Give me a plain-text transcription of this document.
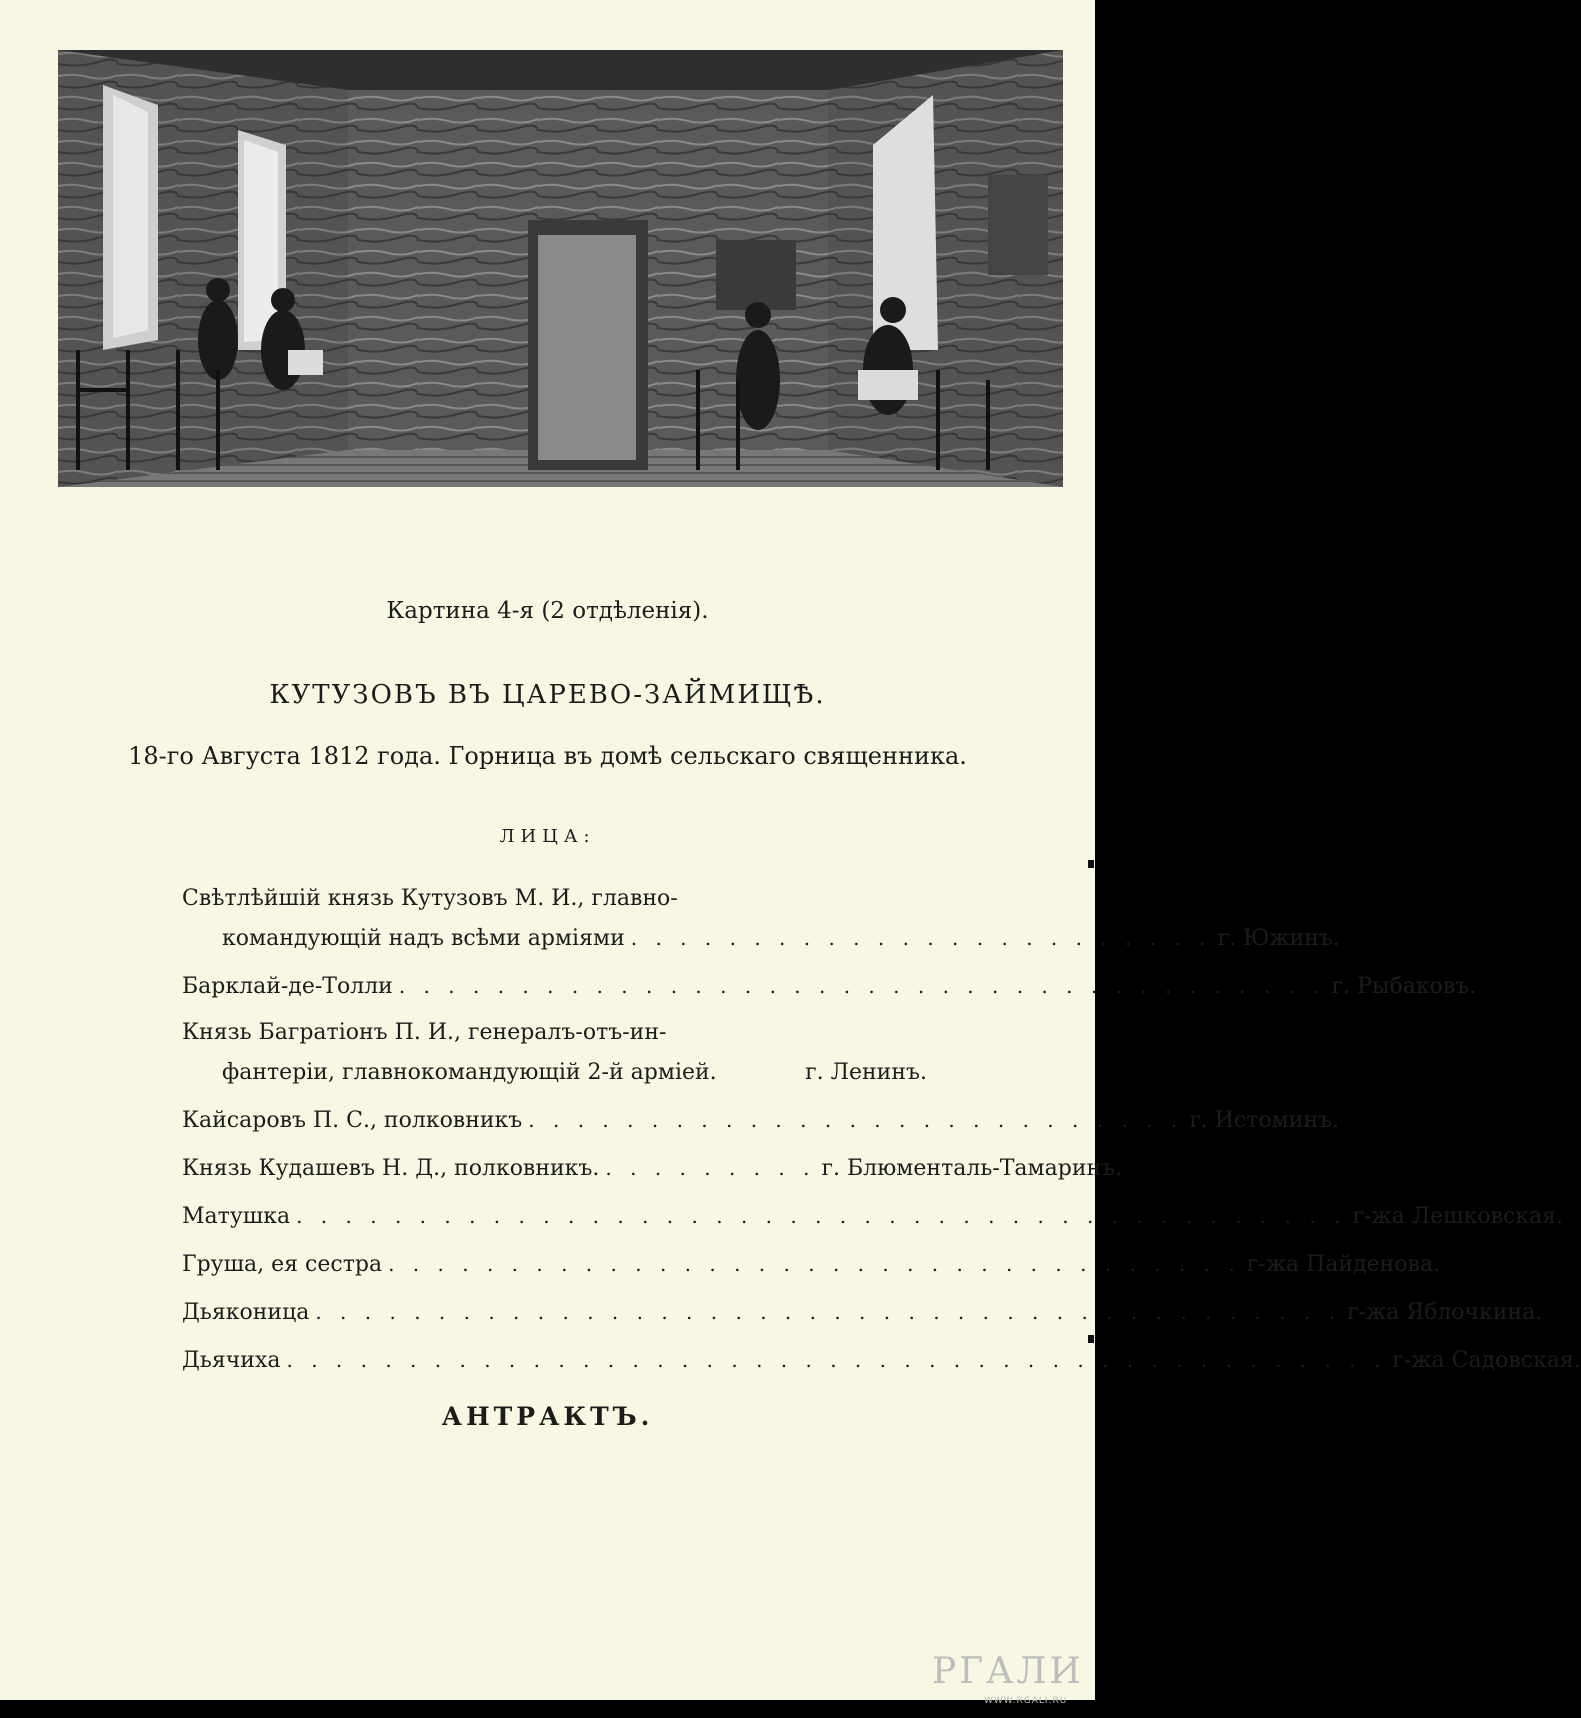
Картина 4-я (2 отдѣленія).

КУТУЗОВЪ ВЪ ЦАРЕВО-ЗАЙМИЩѢ.

18-го Августа 1812 года. Горница въ домѣ сельскаго священника.

ЛИЦА:

Свѣтлѣйшій князь Кутузовъ М. И., главно-
командующій надъ всѣми арміями . . . . . . . . . . . . . . . . . . . . . . . . г. Южинъ.
Барклай-де-Толли . . . . . . . . . . . . . . . . . . . . . . . . . . . . . . . . . . . . . . г. Рыбаковъ.
Князь Багратіонъ П. И., генералъ-отъ-ин-
фантеріи, главнокомандующій 2-й арміей.	г. Ленинъ.
Кайсаровъ П. С., полковникъ . . . . . . . . . . . . . . . . . . . . . . . . . . . г. Истоминъ.
Князь Кудашевъ Н. Д., полковникъ. . . . . . . . . . г. Блюменталь-Тамаринъ.
Матушка . . . . . . . . . . . . . . . . . . . . . . . . . . . . . . . . . . . . . . . . . . . г-жа Лешковская.
Груша, ея сестра . . . . . . . . . . . . . . . . . . . . . . . . . . . . . . . . . . . г-жа Пайденова.
Дьяконица . . . . . . . . . . . . . . . . . . . . . . . . . . . . . . . . . . . . . . . . . . г-жа Яблочкина.
Дьячиха . . . . . . . . . . . . . . . . . . . . . . . . . . . . . . . . . . . . . . . . . . . . . г-жа Садовская.

АНТРАКТЪ.

РГАЛИ
WWW.RGALI.RU
